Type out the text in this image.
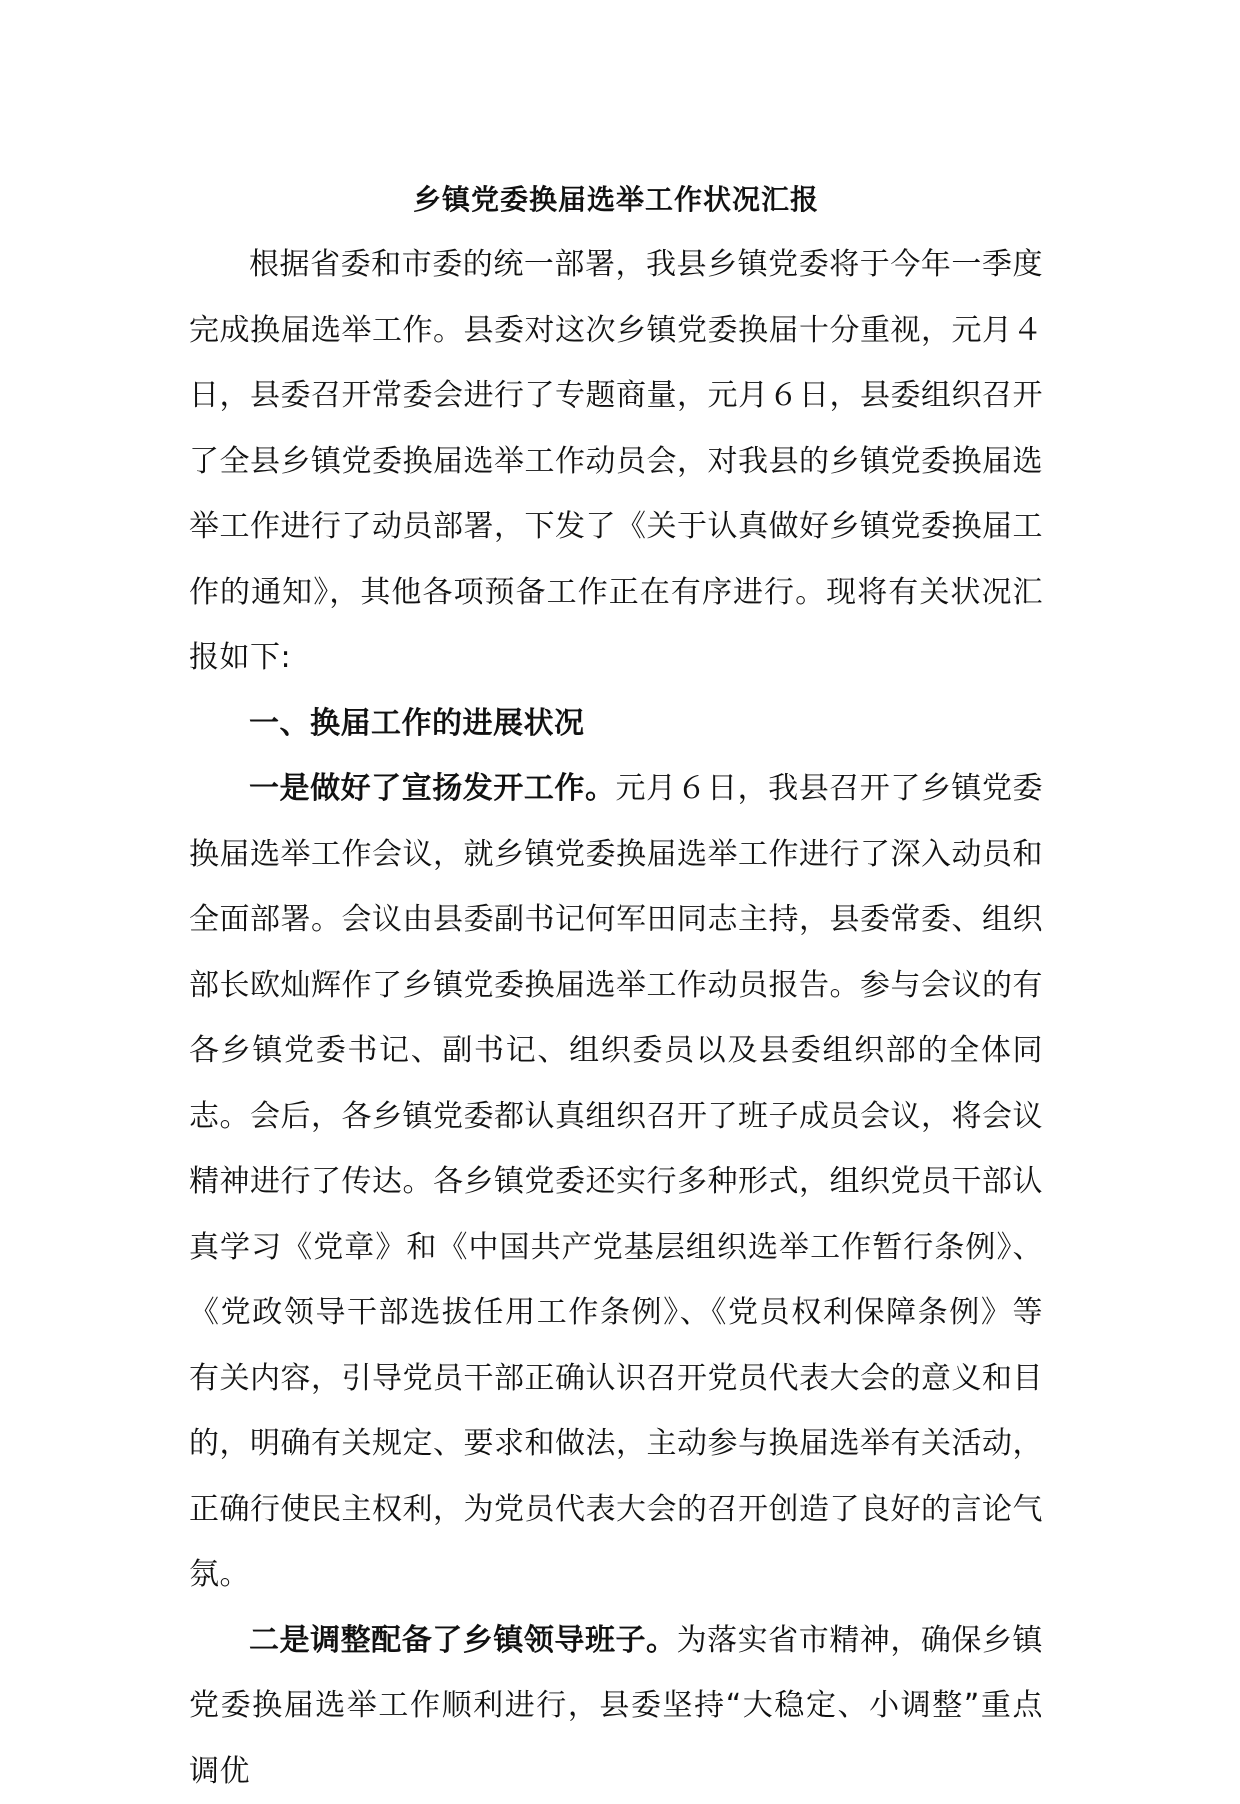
乡镇党委换届选举工作状况汇报

根据省委和市委的统一部署，我县乡镇党委将于今年一季度完成换届选举工作。县委对这次乡镇党委换届十分重视，元月４日，县委召开常委会进行了专题商量，元月６日，县委组织召开了全县乡镇党委换届选举工作动员会，对我县的乡镇党委换届选举工作进行了动员部署，下发了《关于认真做好乡镇党委换届工作的通知》，其他各项预备工作正在有序进行。现将有关状况汇报如下:

一、换届工作的进展状况

一是做好了宣扬发开工作。元月６日，我县召开了乡镇党委换届选举工作会议，就乡镇党委换届选举工作进行了深入动员和全面部署。会议由县委副书记何军田同志主持，县委常委、组织部长欧灿辉作了乡镇党委换届选举工作动员报告。参与会议的有各乡镇党委书记、副书记、组织委员以及县委组织部的全体同志。会后，各乡镇党委都认真组织召开了班子成员会议，将会议精神进行了传达。各乡镇党委还实行多种形式，组织党员干部认真学习《党章》和《中国共产党基层组织选举工作暂行条例》、《党政领导干部选拔任用工作条例》、《党员权利保障条例》等有关内容，引导党员干部正确认识召开党员代表大会的意义和目的，明确有关规定、要求和做法，主动参与换届选举有关活动，正确行使民主权利，为党员代表大会的召开创造了良好的言论气氛。

二是调整配备了乡镇领导班子。为落实省市精神，确保乡镇党委换届选举工作顺利进行，县委坚持“大稳定、小调整”重点调优
